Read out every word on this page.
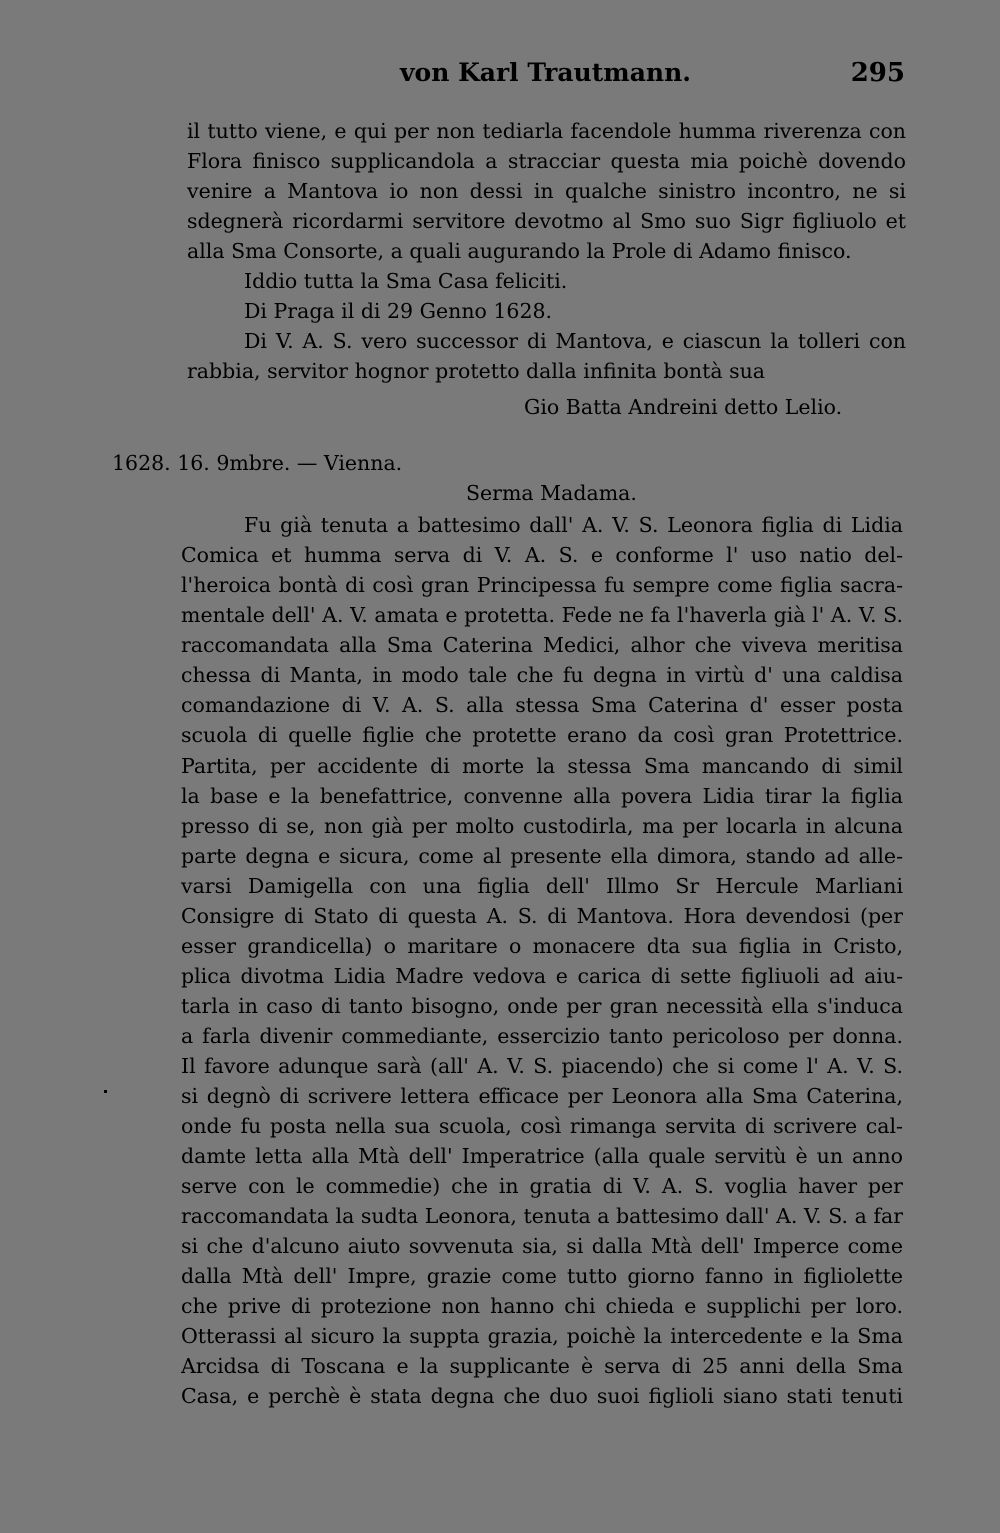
von Karl Trautmann.	295
il tutto viene, e qui per non tediarla facendole humma riverenza con
Flora finisco supplicandola a stracciar questa mia poichè dovendo
venire a Mantova io non dessi in qualche sinistro incontro, ne si
sdegnerà ricordarmi servitore devotmo al Smo suo Sigr figliuolo et
alla Sma Consorte, a quali augurando la Prole di Adamo finisco.
Iddio tutta la Sma Casa feliciti.
Di Praga il di 29 Genno 1628.
Di V. A. S. vero successor di Mantova, e ciascun la tolleri con
rabbia, servitor hognor protetto dalla infinita bontà sua
Gio Batta Andreini detto Lelio.
1628. 16. 9mbre. — Vienna.
Serma Madama.
Fu già tenuta a battesimo dall' A. V. S. Leonora figlia di Lidia
Comica et humma serva di V. A. S. e conforme l' uso natio del-
l'heroica bontà di così gran Principessa fu sempre come figlia sacra-
mentale dell' A. V. amata e protetta. Fede ne fa l'haverla già l' A. V. S.
raccomandata alla Sma Caterina Medici, alhor che viveva meritisa
chessa di Manta, in modo tale che fu degna in virtù d' una caldisa
comandazione di V. A. S. alla stessa Sma Caterina d' esser posta
scuola di quelle figlie che protette erano da così gran Protettrice.
Partita, per accidente di morte la stessa Sma mancando di simil
la base e la benefattrice, convenne alla povera Lidia tirar la figlia
presso di se, non già per molto custodirla, ma per locarla in alcuna
parte degna e sicura, come al presente ella dimora, stando ad alle-
varsi Damigella con una figlia dell' Illmo Sr Hercule Marliani
Consigre di Stato di questa A. S. di Mantova. Hora devendosi (per
esser grandicella) o maritare o monacere dta sua figlia in Cristo,
plica divotma Lidia Madre vedova e carica di sette figliuoli ad aiu-
tarla in caso di tanto bisogno, onde per gran necessità ella s'induca
a farla divenir commediante, essercizio tanto pericoloso per donna.
Il favore adunque sarà (all' A. V. S. piacendo) che si come l' A. V. S.
si degnò di scrivere lettera efficace per Leonora alla Sma Caterina,
onde fu posta nella sua scuola, così rimanga servita di scrivere cal-
damte letta alla Mtà dell' Imperatrice (alla quale servitù è un anno
serve con le commedie) che in gratia di V. A. S. voglia haver per
raccomandata la sudta Leonora, tenuta a battesimo dall' A. V. S. a far
si che d'alcuno aiuto sovvenuta sia, si dalla Mtà dell' Imperce come
dalla Mtà dell' Impre, grazie come tutto giorno fanno in figliolette
che prive di protezione non hanno chi chieda e supplichi per loro.
Otterassi al sicuro la suppta grazia, poichè la intercedente e la Sma
Arcidsa di Toscana e la supplicante è serva di 25 anni della Sma
Casa, e perchè è stata degna che duo suoi figlioli siano stati tenuti
